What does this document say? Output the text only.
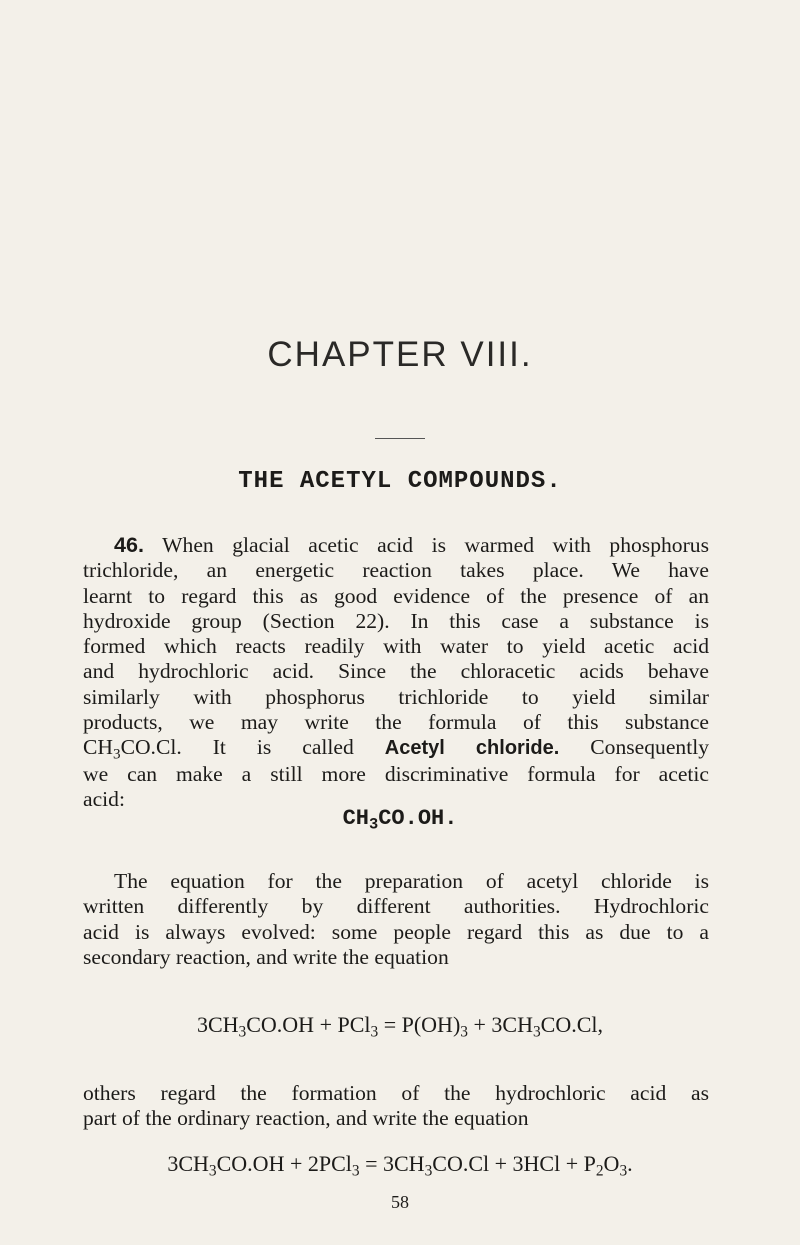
CHAPTER VIII.
THE ACETYL COMPOUNDS.
46. When glacial acetic acid is warmed with phosphorus
trichloride, an energetic reaction takes place. We have
learnt to regard this as good evidence of the presence of an
hydroxide group (Section 22). In this case a substance is
formed which reacts readily with water to yield acetic acid
and hydrochloric acid. Since the chloracetic acids behave
similarly with phosphorus trichloride to yield similar
products, we may write the formula of this substance
$CH_3CO.Cl$. It is called Acetyl chloride. Consequently
we can make a still more discriminative formula for acetic
acid:
$CH_3CO.OH$.
The equation for the preparation of acetyl chloride is
written differently by different authorities. Hydrochloric
acid is always evolved: some people regard this as due to a
secondary reaction, and write the equation
$3CH_3CO.OH + PCl_3 = P(OH)_3 + 3CH_3CO.Cl$,
others regard the formation of the hydrochloric acid as
part of the ordinary reaction, and write the equation
$3CH_3CO.OH + 2PCl_3 = 3CH_3CO.Cl + 3HCl + P_2O_3$.
58
